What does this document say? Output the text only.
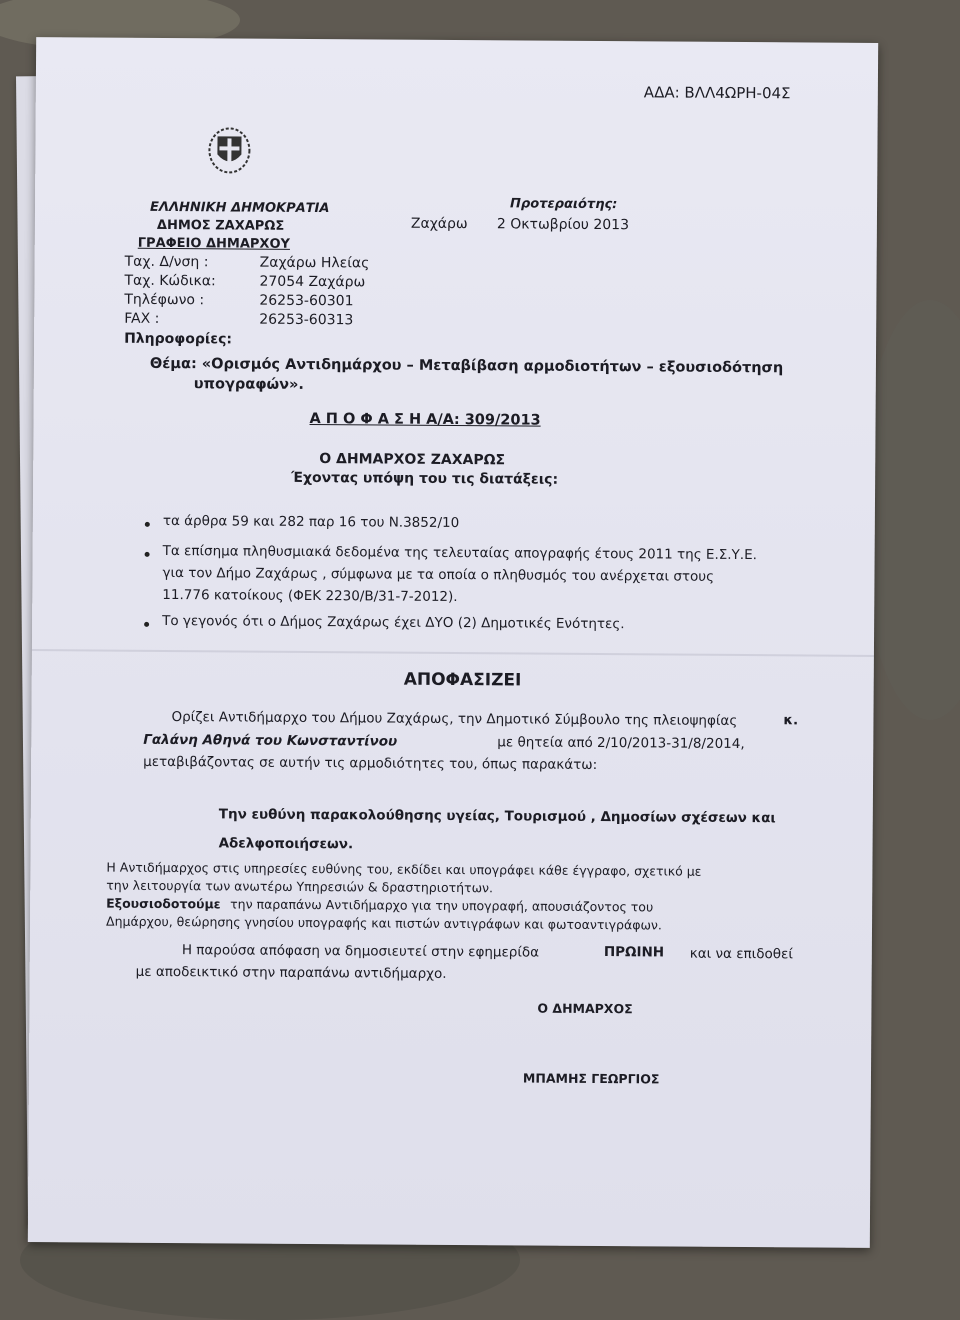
ΑΔΑ: ΒΛΛ4ΩΡΗ-04Σ
ΕΛΛΗΝΙΚΗ ΔΗΜΟΚΡΑΤΙΑ
ΔΗΜΟΣ ΖΑΧΑΡΩΣ
ΓΡΑΦΕΙΟ ΔΗΜΑΡΧΟΥ
Προτεραιότης:
Ζαχάρω 2 Οκτωβρίου 2013
Ταχ. Δ/νση :	Ζαχάρω Ηλείας
Ταχ. Κώδικα:	27054 Ζαχάρω
Τηλέφωνο :	26253-60301
FAX :	26253-60313
Πληροφορίες:
Θέμα: «Ορισμός Αντιδημάρχου – Μεταβίβαση αρμοδιοτήτων – εξουσιοδότηση
υπογραφών».
Α Π Ο Φ Α Σ Η Α/Α: 309/2013
Ο ΔΗΜΑΡΧΟΣ ΖΑΧΑΡΩΣ
Έχοντας υπόψη του τις διατάξεις:
τα άρθρα 59 και 282 παρ 16 του Ν.3852/10
Τα επίσημα πληθυσμιακά δεδομένα της τελευταίας απογραφής έτους 2011 της Ε.Σ.Υ.Ε.
για τον Δήμο Ζαχάρως , σύμφωνα με τα οποία ο πληθυσμός του ανέρχεται στους
11.776 κατοίκους (ΦΕΚ 2230/Β/31-7-2012).
Το γεγονός ότι ο Δήμος Ζαχάρως έχει ΔΥΟ (2) Δημοτικές Ενότητες.
ΑΠΟΦΑΣΙΖΕΙ
Ορίζει Αντιδήμαρχο του Δήμου Ζαχάρως, την Δημοτικό Σύμβουλο της πλειοψηφίας	κ.
Γαλάνη Αθηνά του Κωνσταντίνου	με θητεία από 2/10/2013-31/8/2014,
μεταβιβάζοντας σε αυτήν τις αρμοδιότητες του, όπως παρακάτω:
Την ευθύνη παρακολούθησης υγείας, Τουρισμού , Δημοσίων σχέσεων και
Αδελφοποιήσεων.
Η Αντιδήμαρχος στις υπηρεσίες ευθύνης του, εκδίδει και υπογράφει κάθε έγγραφο, σχετικό με
την λειτουργία των ανωτέρω Υπηρεσιών & δραστηριοτήτων.
Εξουσιοδοτούμε την παραπάνω Αντιδήμαρχο για την υπογραφή, απουσιάζοντος του
Δημάρχου, θεώρησης γνησίου υπογραφής και πιστών αντιγράφων και φωτοαντιγράφων.
Η παρούσα απόφαση να δημοσιευτεί στην εφημερίδα	ΠΡΩΙΝΗ και να επιδοθεί
με αποδεικτικό στην παραπάνω αντιδήμαρχο.
Ο ΔΗΜΑΡΧΟΣ
ΜΠΑΜΗΣ ΓΕΩΡΓΙΟΣ
